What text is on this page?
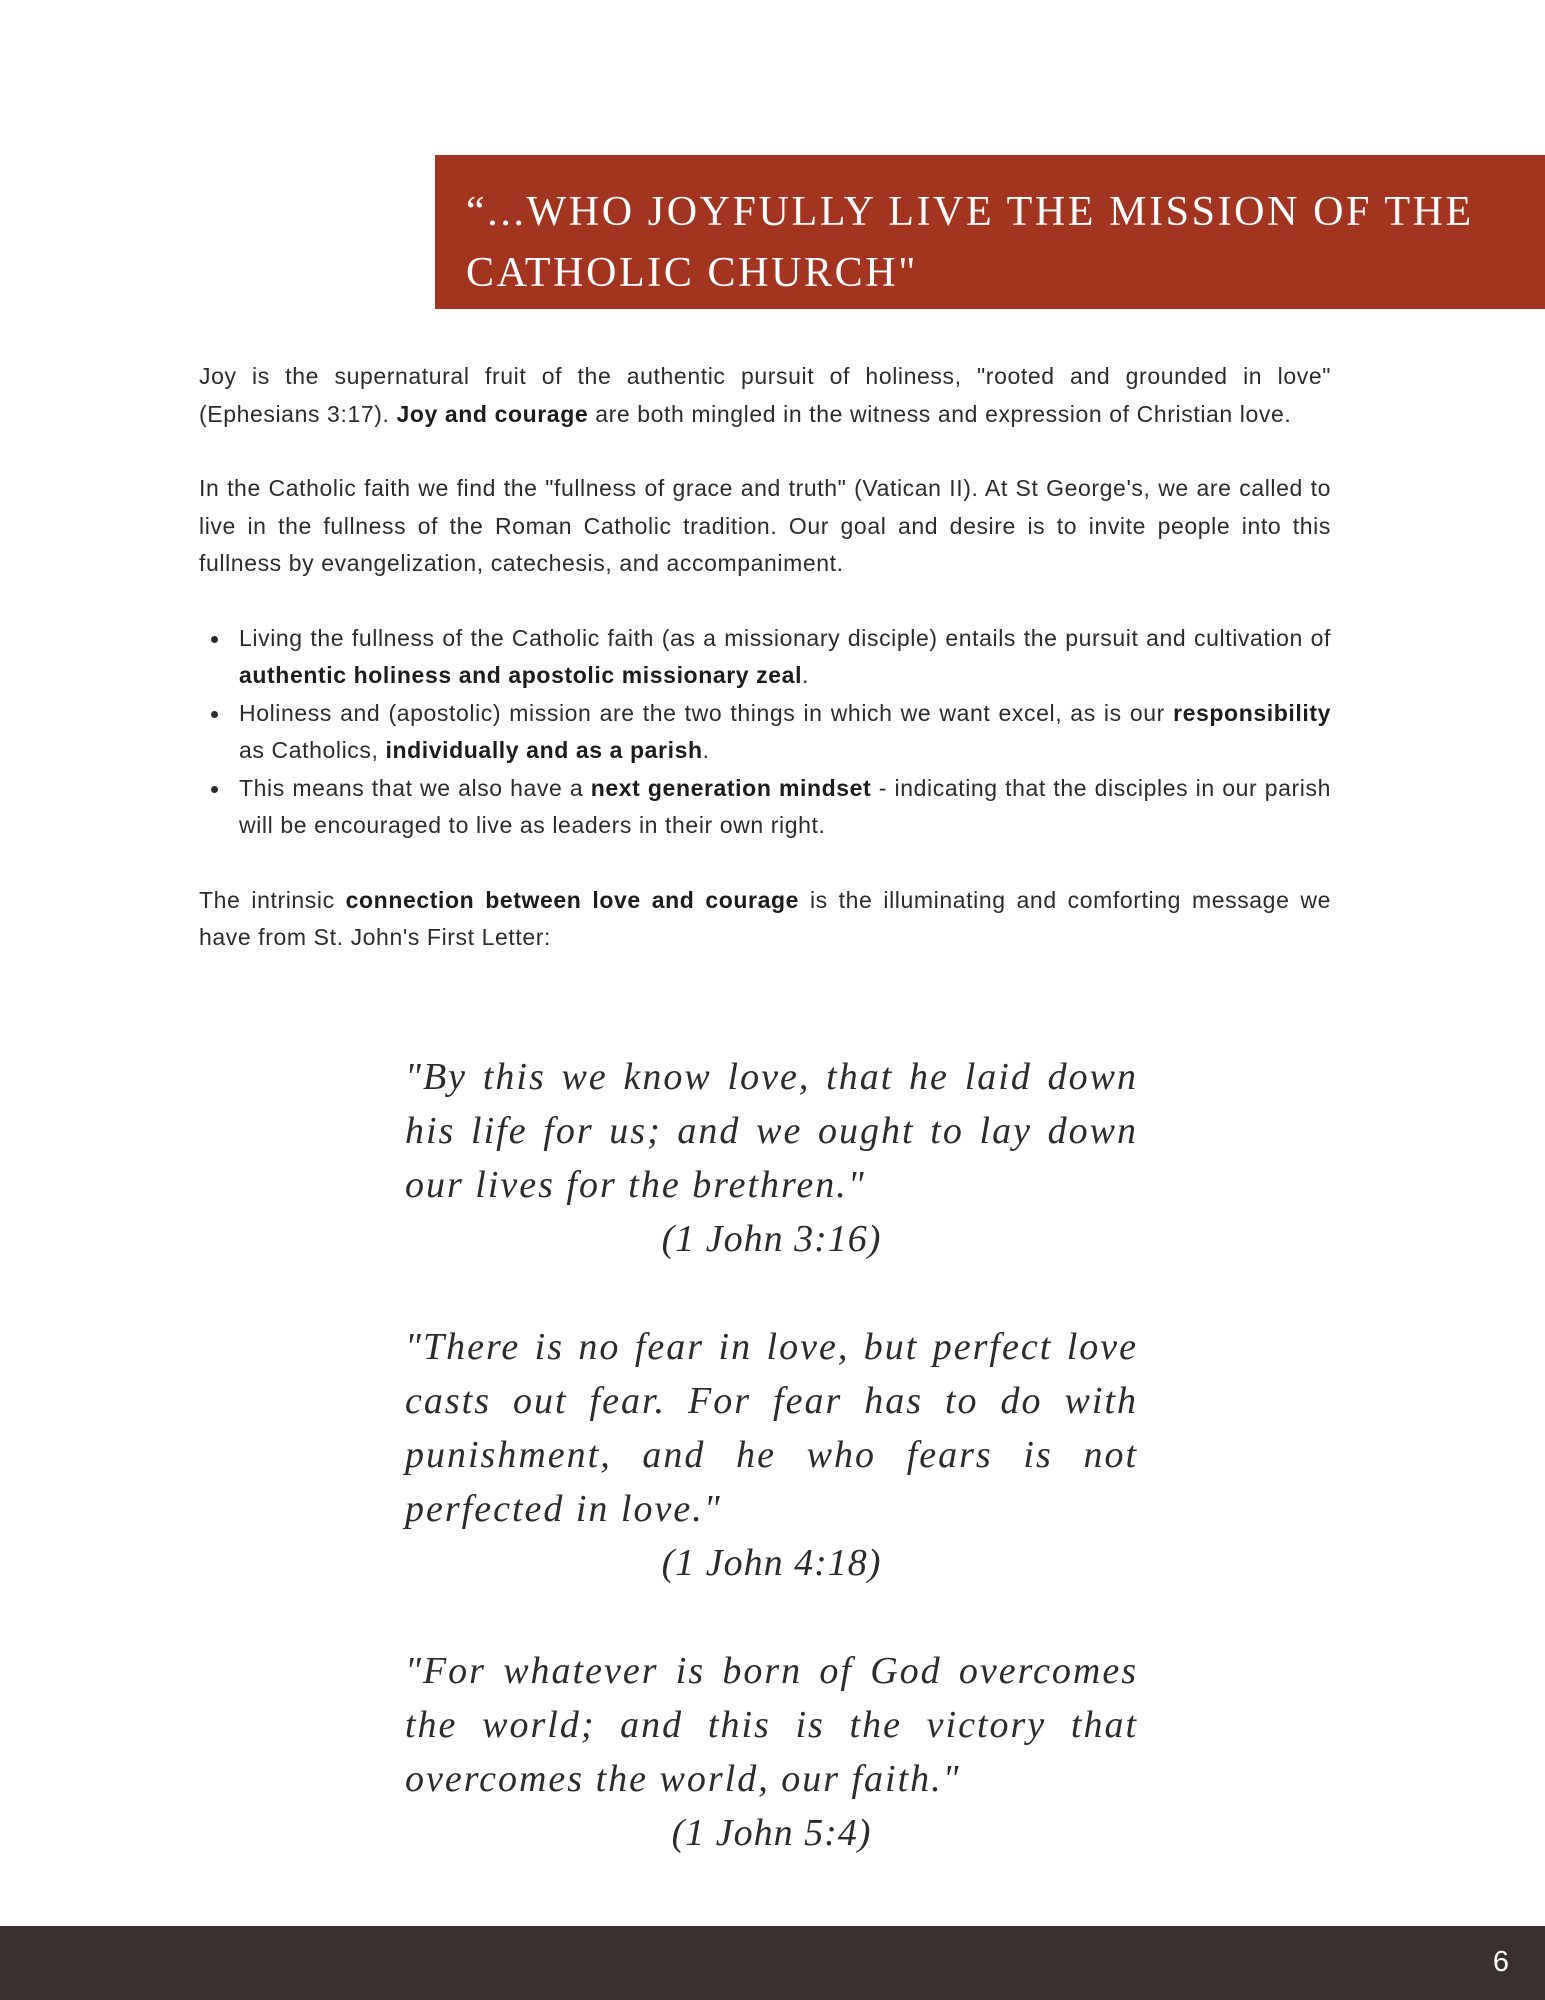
“...WHO JOYFULLY LIVE THE MISSION OF THE CATHOLIC CHURCH"

Joy is the supernatural fruit of the authentic pursuit of holiness, "rooted and grounded in love" (Ephesians 3:17). Joy and courage are both mingled in the witness and expression of Christian love.

In the Catholic faith we find the "fullness of grace and truth" (Vatican II). At St George's, we are called to live in the fullness of the Roman Catholic tradition. Our goal and desire is to invite people into this fullness by evangelization, catechesis, and accompaniment.

Living the fullness of the Catholic faith (as a missionary disciple) entails the pursuit and cultivation of authentic holiness and apostolic missionary zeal.
Holiness and (apostolic) mission are the two things in which we want excel, as is our responsibility as Catholics, individually and as a parish.
This means that we also have a next generation mindset - indicating that the disciples in our parish will be encouraged to live as leaders in their own right.

The intrinsic connection between love and courage is the illuminating and comforting message we have from St. John's First Letter:

"By this we know love, that he laid down his life for us; and we ought to lay down our lives for the brethren."
(1 John 3:16)
"There is no fear in love, but perfect love casts out fear. For fear has to do with punishment, and he who fears is not perfected in love."
(1 John 4:18)
"For whatever is born of God overcomes the world; and this is the victory that overcomes the world, our faith."
(1 John 5:4)
6
